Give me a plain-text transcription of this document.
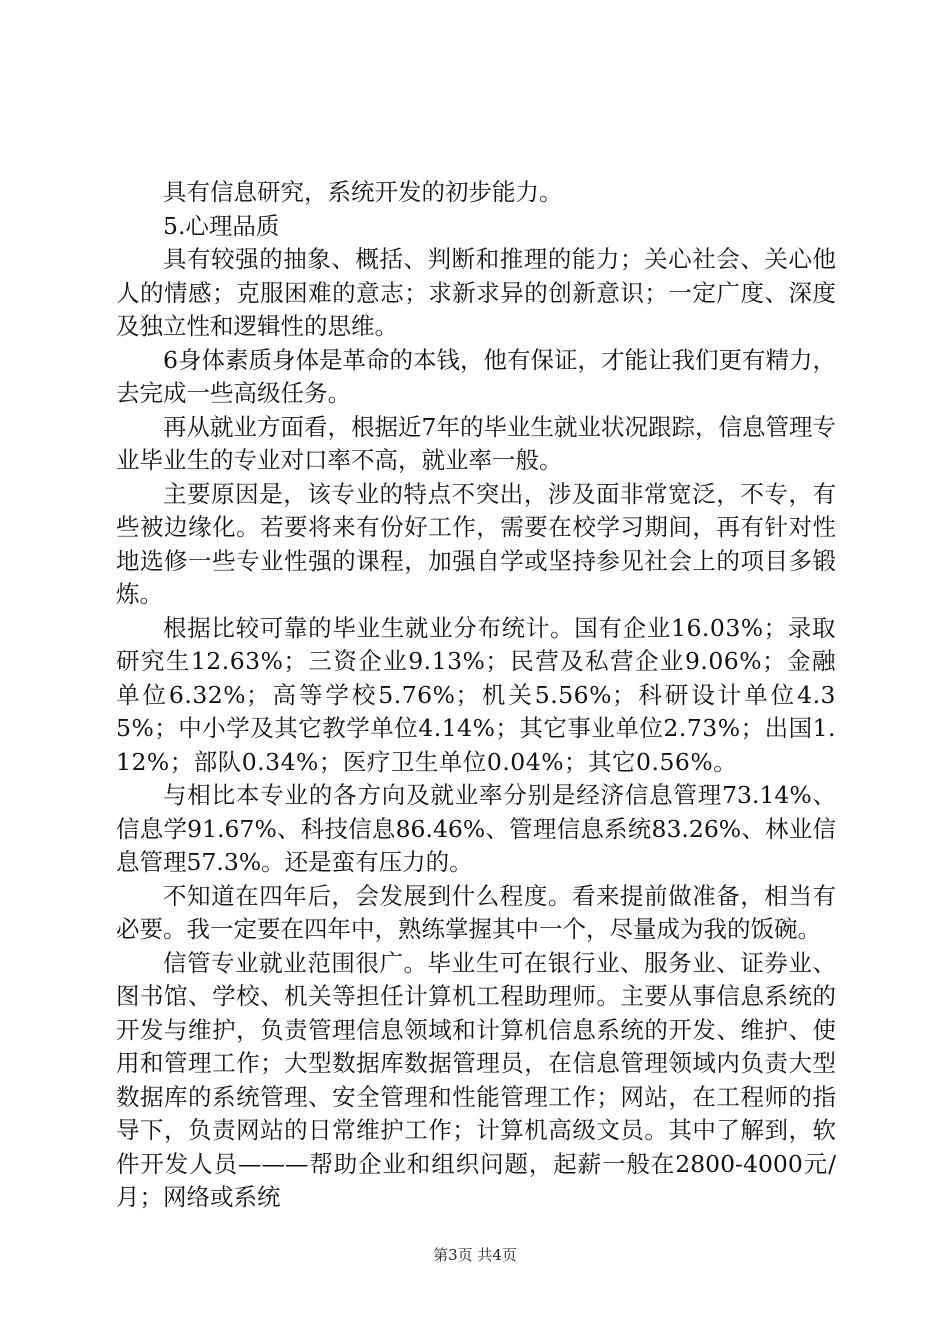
具有信息研究，系统开发的初步能力。

5.心理品质

具有较强的抽象、概括、判断和推理的能力；关心社会、关心他人的情感；克服困难的意志；求新求异的创新意识；一定广度、深度及独立性和逻辑性的思维。

6身体素质身体是革命的本钱，他有保证，才能让我们更有精力，去完成一些高级任务。

再从就业方面看，根据近7年的毕业生就业状况跟踪，信息管理专业毕业生的专业对口率不高，就业率一般。

主要原因是，该专业的特点不突出，涉及面非常宽泛，不专，有些被边缘化。若要将来有份好工作，需要在校学习期间，再有针对性地选修一些专业性强的课程，加强自学或坚持参见社会上的项目多锻炼。

根据比较可靠的毕业生就业分布统计。国有企业16.03%；录取研究生12.63%；三资企业9.13%；民营及私营企业9.06%；金融单位6.32%；高等学校5.76%；机关5.56%；科研设计单位4.35%；中小学及其它教学单位4.14%；其它事业单位2.73%；出国1.12%；部队0.34%；医疗卫生单位0.04%；其它0.56%。

与相比本专业的各方向及就业率分别是经济信息管理73.14%、信息学91.67%、科技信息86.46%、管理信息系统83.26%、林业信息管理57.3%。还是蛮有压力的。

不知道在四年后，会发展到什么程度。看来提前做准备，相当有必要。我一定要在四年中，熟练掌握其中一个，尽量成为我的饭碗。

信管专业就业范围很广。毕业生可在银行业、服务业、证券业、图书馆、学校、机关等担任计算机工程助理师。主要从事信息系统的开发与维护，负责管理信息领域和计算机信息系统的开发、维护、使用和管理工作；大型数据库数据管理员，在信息管理领域内负责大型数据库的系统管理、安全管理和性能管理工作；网站，在工程师的指导下，负责网站的日常维护工作；计算机高级文员。其中了解到，软件开发人员———帮助企业和组织问题，起薪一般在2800-4000元/月；网络或系统

第3页 共4页
